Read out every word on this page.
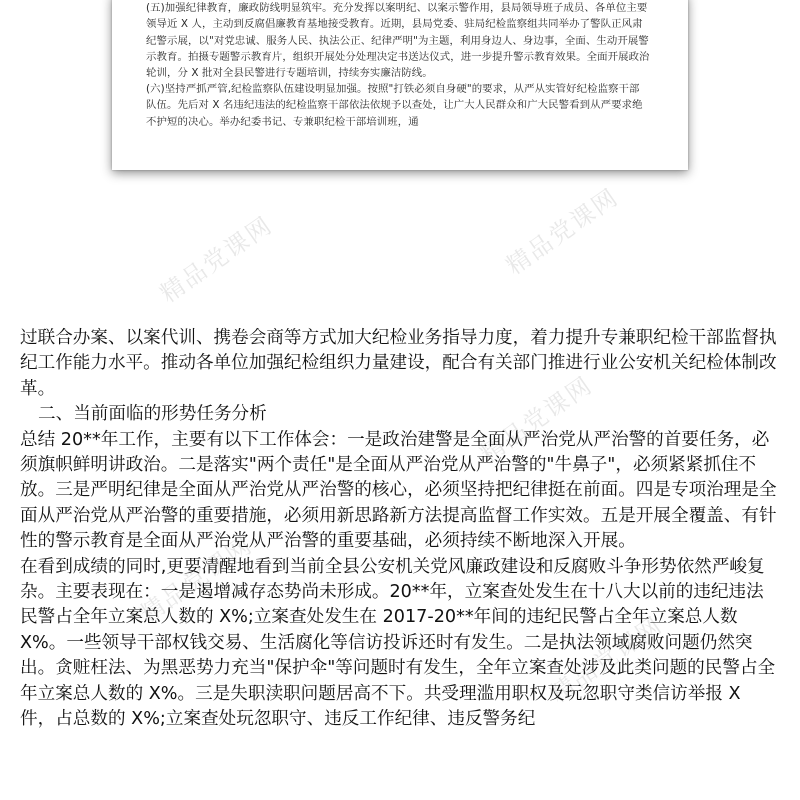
(五)加强纪律教育，廉政防线明显筑牢。充分发挥以案明纪、以案示警作用，县局领导班子成员、各单位主要领导近 X 人，主动到反腐倡廉教育基地接受教育。近期，县局党委、驻局纪检监察组共同举办了警队正风肃纪警示展，以"对党忠诚、服务人民、执法公正、纪律严明"为主题，利用身边人、身边事，全面、生动开展警示教育。拍摄专题警示教育片，组织开展处分处理决定书送达仪式，进一步提升警示教育效果。全面开展政治轮训，分 X 批对全县民警进行专题培训，持续夯实廉洁防线。

(六)坚持严抓严管,纪检监察队伍建设明显加强。按照"打铁必须自身硬"的要求，从严从实管好纪检监察干部队伍。先后对 X 名违纪违法的纪检监察干部依法依规予以查处，让广大人民群众和广大民警看到从严要求绝不护短的决心。举办纪委书记、专兼职纪检干部培训班，通

精品党课网
精品党课网
精品党课网
精品党课网
精品党课网

过联合办案、以案代训、携卷会商等方式加大纪检业务指导力度，着力提升专兼职纪检干部监督执纪工作能力水平。推动各单位加强纪检组织力量建设，配合有关部门推进行业公安机关纪检体制改革。

二、当前面临的形势任务分析

总结 20**年工作，主要有以下工作体会：一是政治建警是全面从严治党从严治警的首要任务，必须旗帜鲜明讲政治。二是落实"两个责任"是全面从严治党从严治警的"牛鼻子"，必须紧紧抓住不放。三是严明纪律是全面从严治党从严治警的核心，必须坚持把纪律挺在前面。四是专项治理是全面从严治党从严治警的重要措施，必须用新思路新方法提高监督工作实效。五是开展全覆盖、有针性的警示教育是全面从严治党从严治警的重要基础，必须持续不断地深入开展。

在看到成绩的同时,更要清醒地看到当前全县公安机关党风廉政建设和反腐败斗争形势依然严峻复杂。主要表现在：一是遏增减存态势尚未形成。20**年，立案查处发生在十八大以前的违纪违法民警占全年立案总人数的 X%;立案查处发生在 2017-20**年间的违纪民警占全年立案总人数 X%。一些领导干部权钱交易、生活腐化等信访投诉还时有发生。二是执法领域腐败问题仍然突出。贪赃枉法、为黑恶势力充当"保护伞"等问题时有发生，全年立案查处涉及此类问题的民警占全年立案总人数的 X%。三是失职渎职问题居高不下。共受理滥用职权及玩忽职守类信访举报 X 件，占总数的 X%;立案查处玩忽职守、违反工作纪律、违反警务纪
